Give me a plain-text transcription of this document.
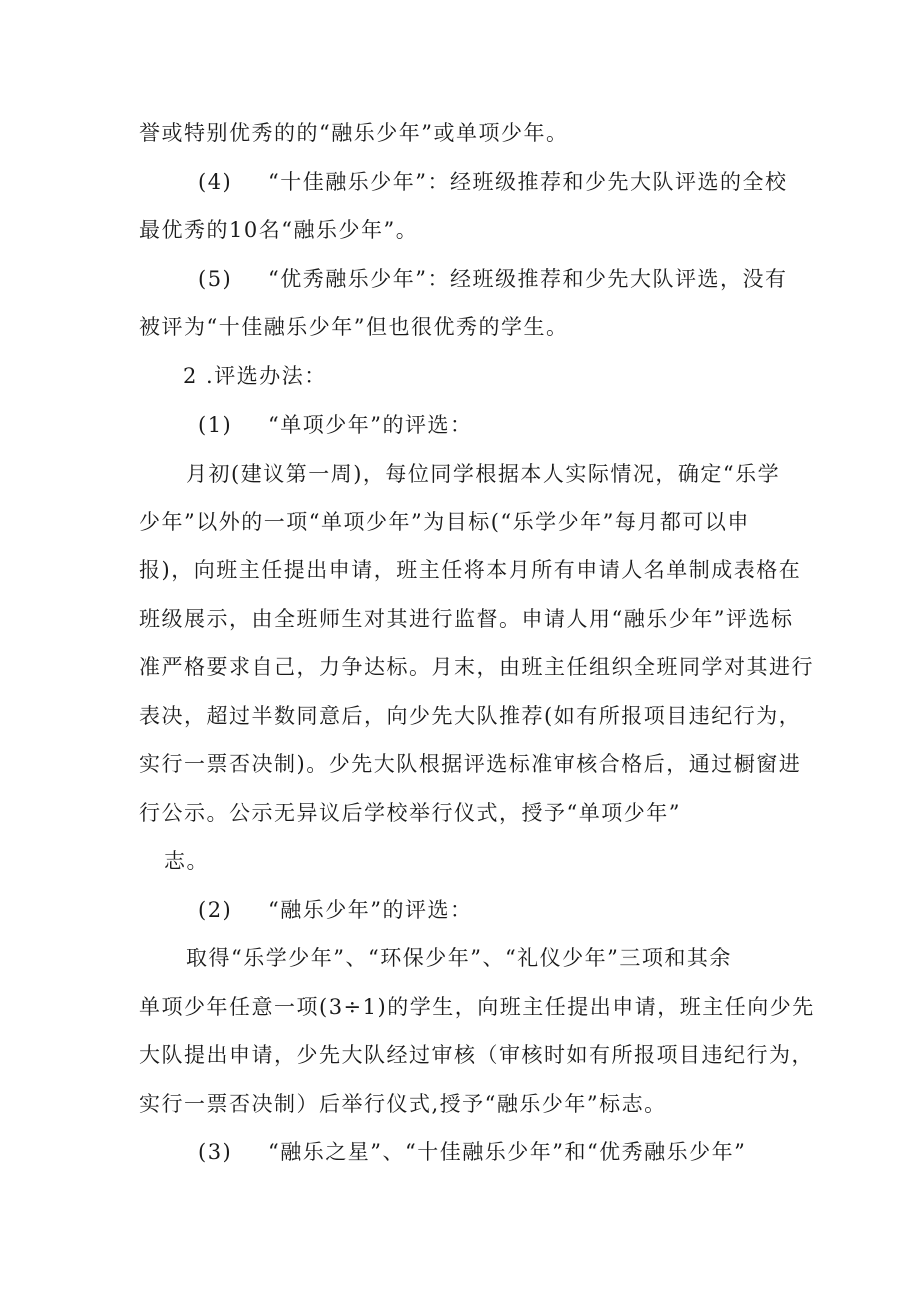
誉或特别优秀的的“融乐少年”或单项少年。
(4) “十佳融乐少年”：经班级推荐和少先大队评选的全校
最优秀的10名“融乐少年”。
(5) “优秀融乐少年”：经班级推荐和少先大队评选，没有
被评为“十佳融乐少年”但也很优秀的学生。
2 .评选办法：
(1) “单项少年”的评选：
月初(建议第一周)，每位同学根据本人实际情况，确定“乐学
少年”以外的一项“单项少年”为目标(“乐学少年”每月都可以申
报)，向班主任提出申请，班主任将本月所有申请人名单制成表格在
班级展示，由全班师生对其进行监督。申请人用“融乐少年”评选标
准严格要求自己，力争达标。月末，由班主任组织全班同学对其进行
表决，超过半数同意后，向少先大队推荐(如有所报项目违纪行为，
实行一票否决制)。少先大队根据评选标准审核合格后，通过橱窗进
行公示。公示无异议后学校举行仪式，授予“单项少年”
志。
(2) “融乐少年”的评选：
取得“乐学少年”、“环保少年”、“礼仪少年”三项和其余
单项少年任意一项(3÷1)的学生，向班主任提出申请，班主任向少先
大队提出申请，少先大队经过审核（审核时如有所报项目违纪行为，
实行一票否决制）后举行仪式,授予“融乐少年”标志。
(3) “融乐之星”、“十佳融乐少年”和“优秀融乐少年”
